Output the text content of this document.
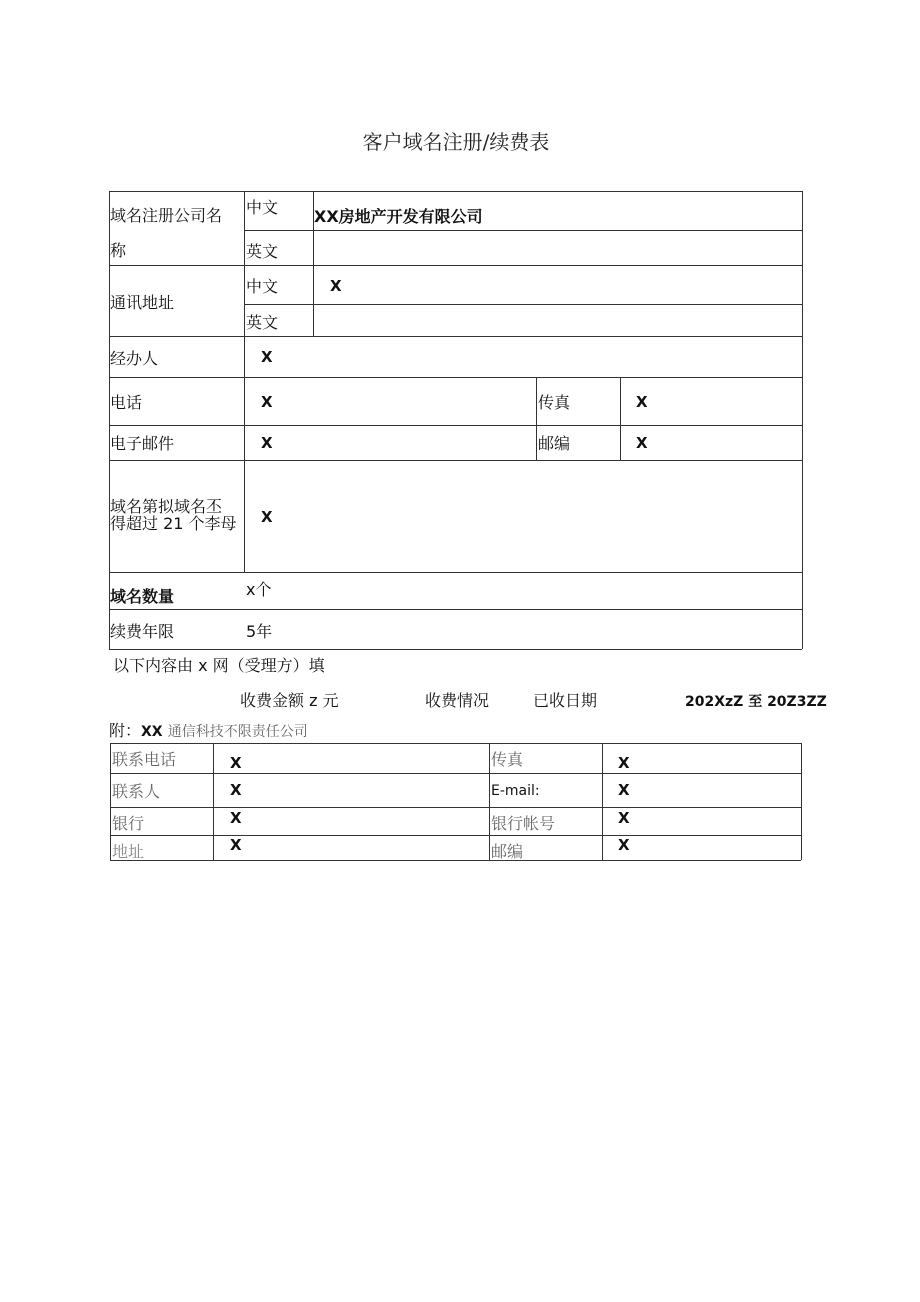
客户域名注册/续费表
域名注册公司名
称
中文 XX房地产开发有限公司
英文
通讯地址
中文	X
英文
经办人	X
电话	X	传真	X
电子邮件	X	邮编	X
域名第拟域名丕
得超过 21 个李母 X
域名数量	x个
续费年限	5年
以下内容由 x 网（受理方）填
收费金额 z 元	收费情况	已收日期	202XzZ 至 20Z3ZZ
附：XX 通信科技不限责任公司
联系电话	X	传真	X
联系人	X	E-mail:	X
银行	X	银行帐号	X
地址	X	邮编	X
